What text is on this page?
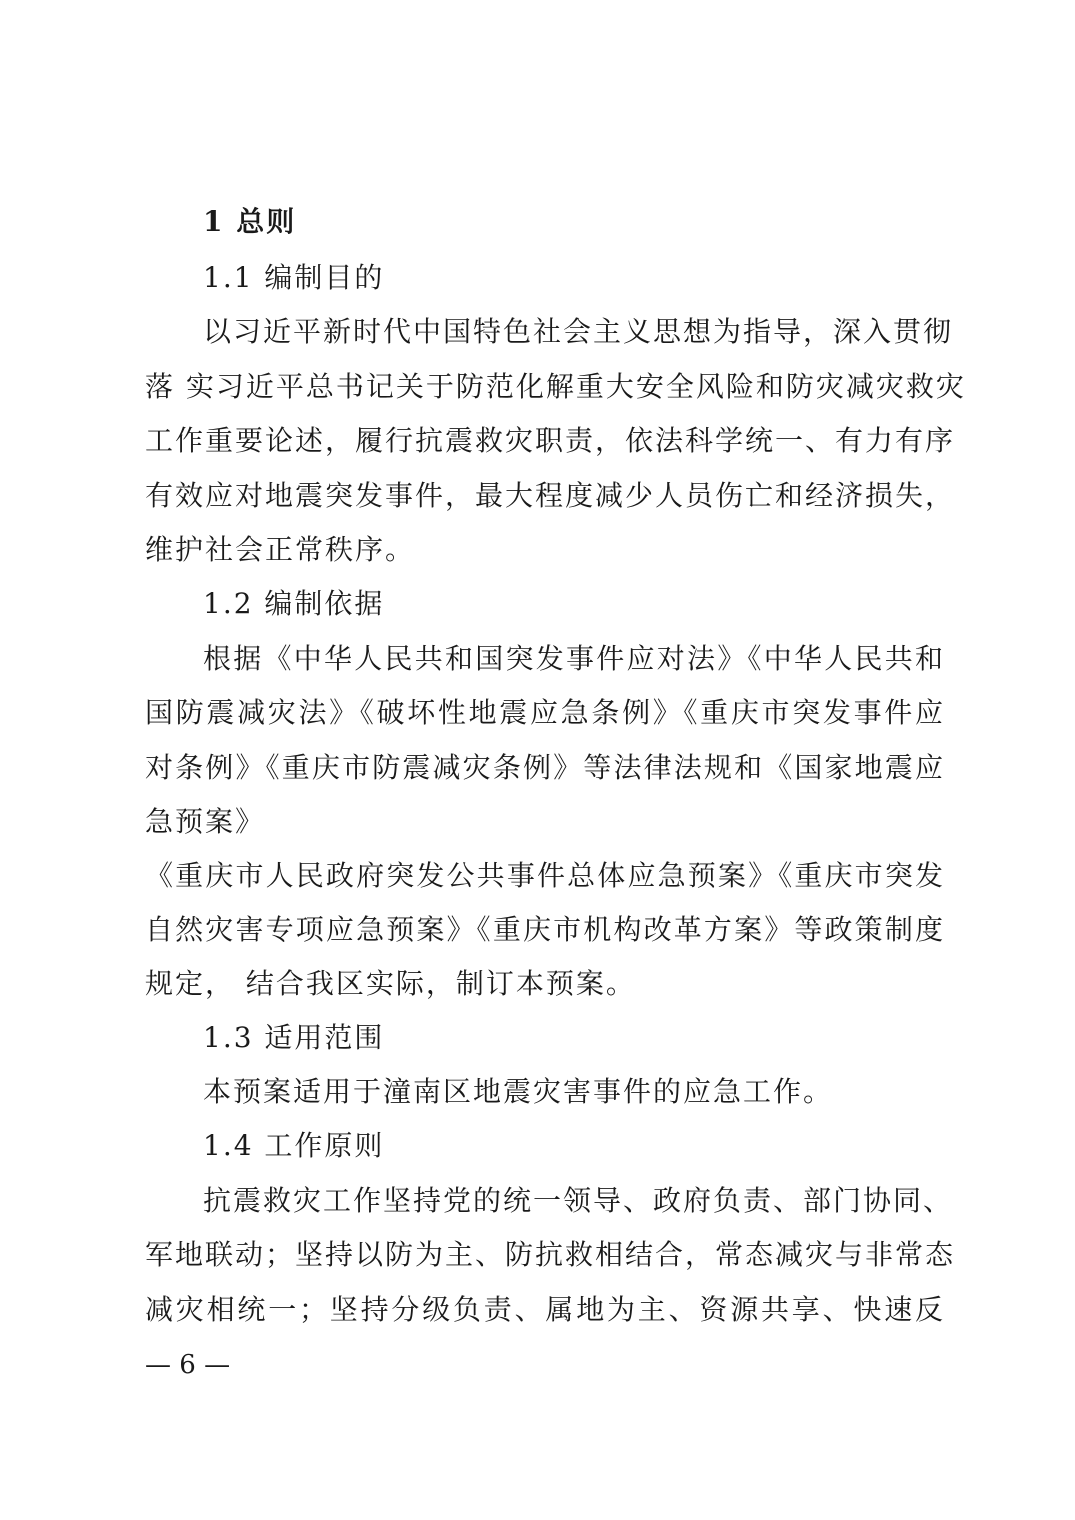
1 总则
1.1 编制目的
以习近平新时代中国特色社会主义思想为指导，深入贯彻
落 实习近平总书记关于防范化解重大安全风险和防灾减灾救灾
工作重要论述，履行抗震救灾职责，依法科学统一、有力有序
有效应对地震突发事件，最大程度减少人员伤亡和经济损失，
维护社会正常秩序。
1.2 编制依据
根据《中华人民共和国突发事件应对法》《中华人民共和
国防震减灾法》《破坏性地震应急条例》《重庆市突发事件应
对条例》《重庆市防震减灾条例》等法律法规和《国家地震应
急预案》
《重庆市人民政府突发公共事件总体应急预案》《重庆市突发
自然灾害专项应急预案》《重庆市机构改革方案》等政策制度
规定， 结合我区实际，制订本预案。
1.3 适用范围
本预案适用于潼南区地震灾害事件的应急工作。
1.4 工作原则
抗震救灾工作坚持党的统一领导、政府负责、部门协同、
军地联动；坚持以防为主、防抗救相结合，常态减灾与非常态
减灾相统一；坚持分级负责、属地为主、资源共享、快速反
— 6 —
